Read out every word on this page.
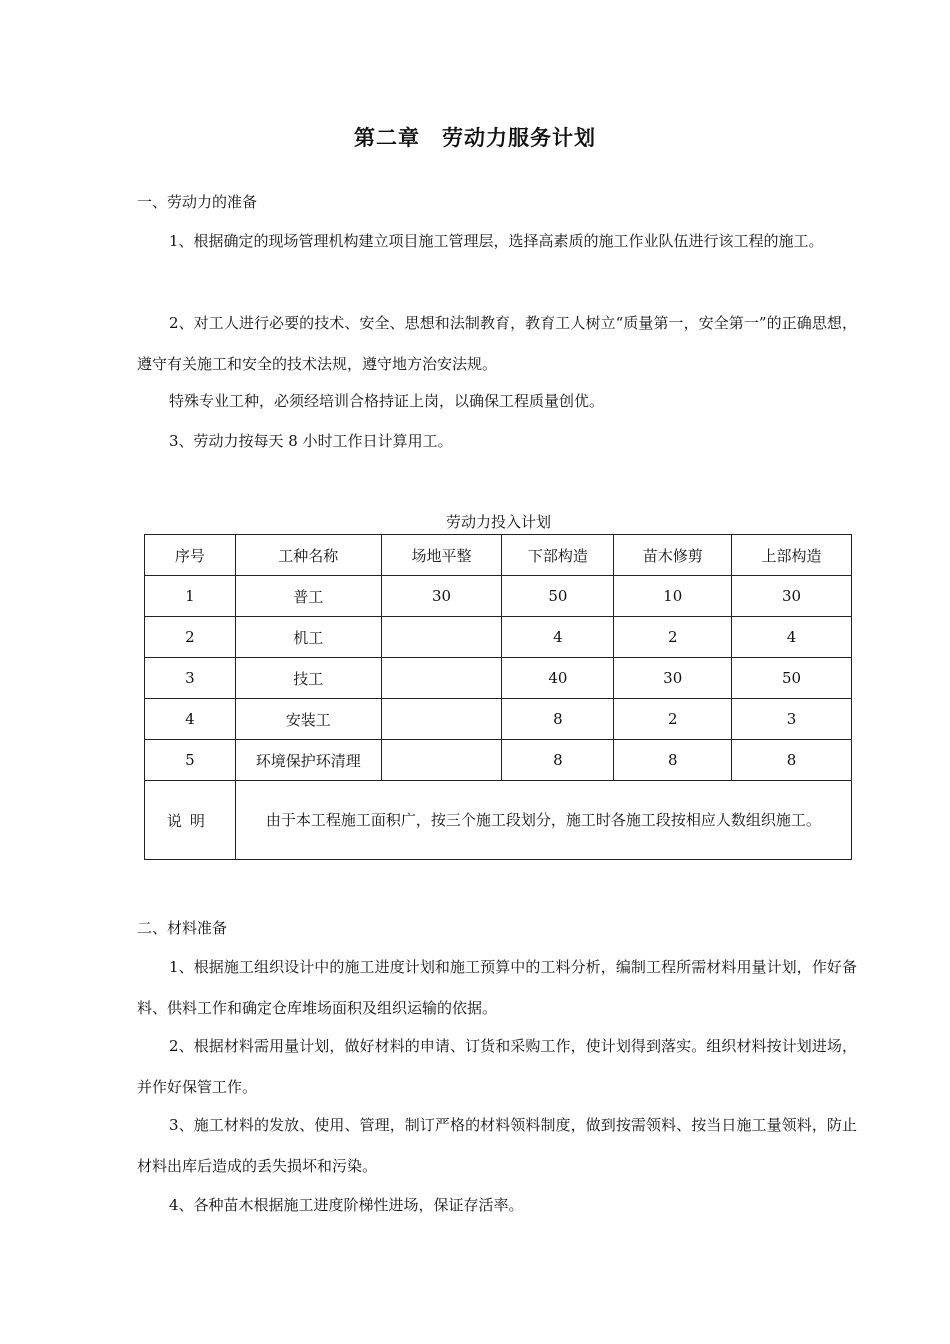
第二章　劳动力服务计划

一、劳动力的准备

1、根据确定的现场管理机构建立项目施工管理层，选择高素质的施工作业队伍进行该工程的施工。

2、对工人进行必要的技术、安全、思想和法制教育，教育工人树立“质量第一，安全第一”的正确思想，遵守有关施工和安全的技术法规，遵守地方治安法规。

特殊专业工种，必须经培训合格持证上岗，以确保工程质量创优。

3、劳动力按每天 8 小时工作日计算用工。

劳动力投入计划
序号	工种名称	场地平整	下部构造	苗木修剪	上部构造
1	普工	30	50	10	30
2	机工		4	2	4
3	技工		40	30	50
4	安装工		8	2	3
5	环境保护环清理		8	8	8
说明	由于本工程施工面积广，按三个施工段划分，施工时各施工段按相应人数组织施工。				

二、材料准备

1、根据施工组织设计中的施工进度计划和施工预算中的工料分析，编制工程所需材料用量计划，作好备料、供料工作和确定仓库堆场面积及组织运输的依据。

2、根据材料需用量计划，做好材料的申请、订货和采购工作，使计划得到落实。组织材料按计划进场，并作好保管工作。

3、施工材料的发放、使用、管理，制订严格的材料领料制度，做到按需领料、按当日施工量领料，防止材料出库后造成的丢失损坏和污染。

4、各种苗木根据施工进度阶梯性进场，保证存活率。
